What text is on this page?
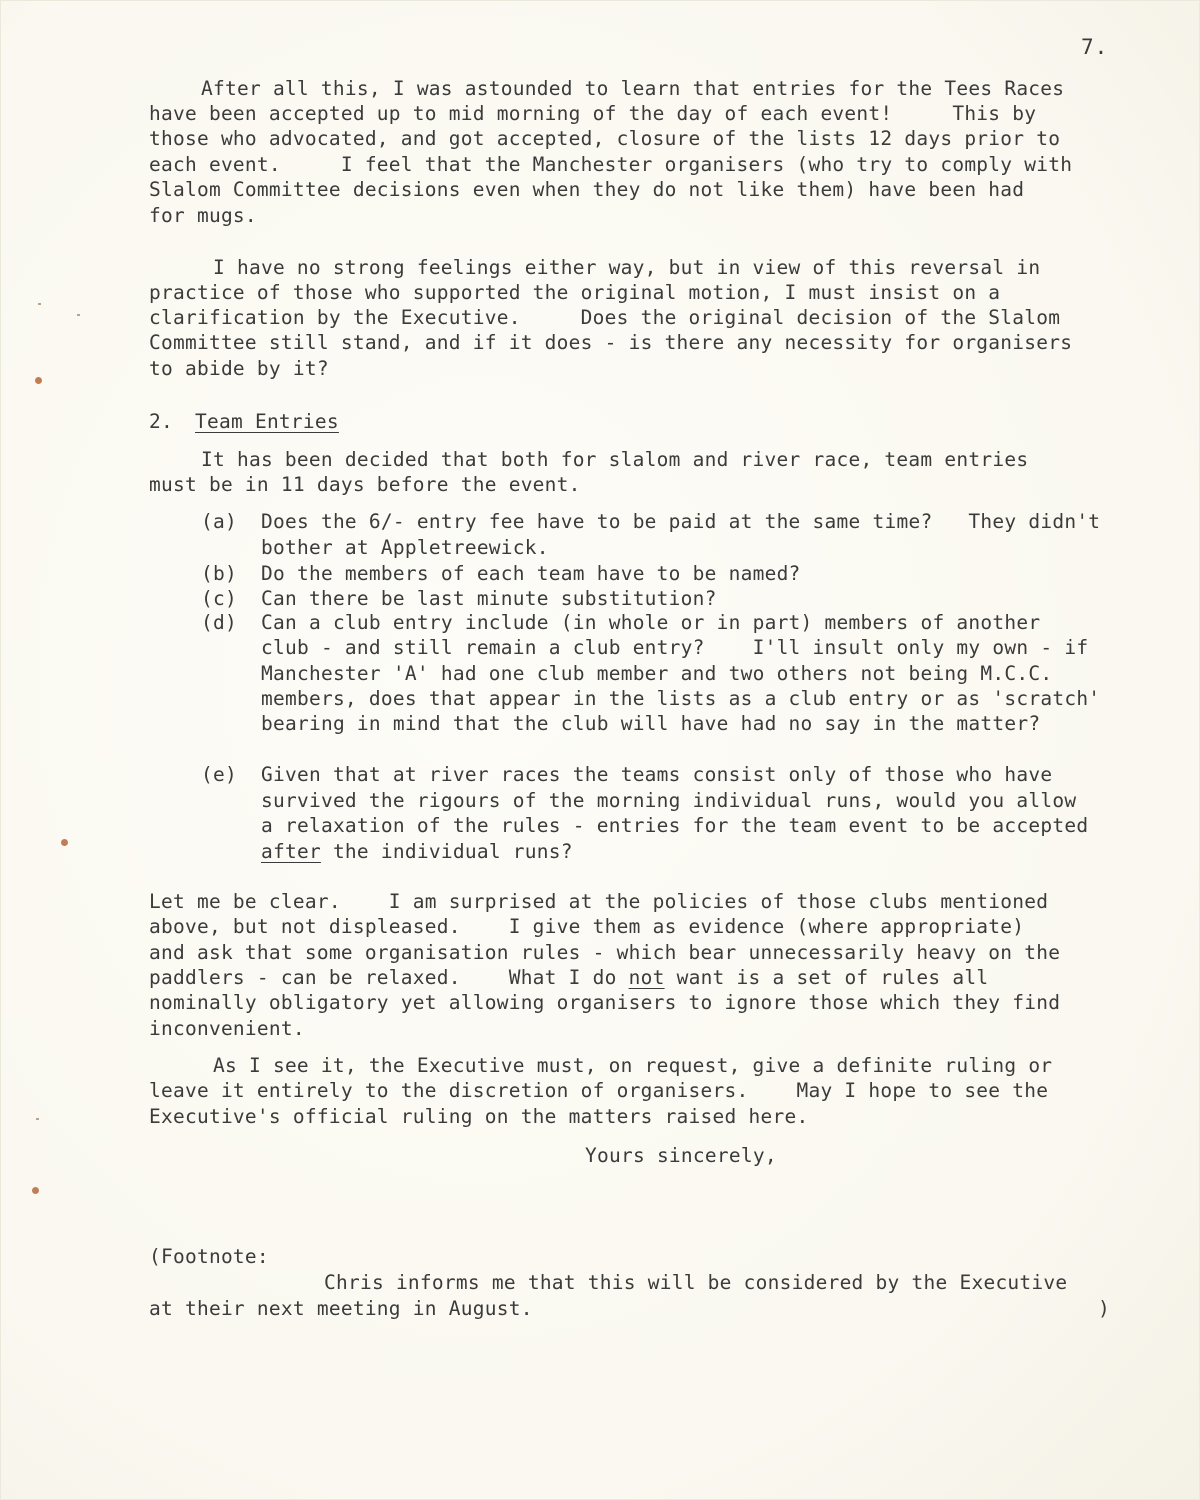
7.

After all this, I was astounded to learn that entries for the Tees Races

have been accepted up to mid morning of the day of each event!     This by

those who advocated, and got accepted, closure of the lists 12 days prior to

each event.     I feel that the Manchester organisers (who try to comply with

Slalom Committee decisions even when they do not like them) have been had

for mugs.

I have no strong feelings either way, but in view of this reversal in

practice of those who supported the original motion, I must insist on a

clarification by the Executive.     Does the original decision of the Slalom

Committee still stand, and if it does - is there any necessity for organisers

to abide by it?

2. Team Entries

It has been decided that both for slalom and river race, team entries

must be in 11 days before the event.

(a) Does the 6/- entry fee have to be paid at the same time?   They didn't
bother at Appletreewick.
(b) Do the members of each team have to be named?
(c) Can there be last minute substitution?
(d) Can a club entry include (in whole or in part) members of another
club - and still remain a club entry?    I'll insult only my own - if
Manchester 'A' had one club member and two others not being M.C.C.
members, does that appear in the lists as a club entry or as 'scratch'
bearing in mind that the club will have had no say in the matter?
(e) Given that at river races the teams consist only of those who have
survived the rigours of the morning individual runs, would you allow
a relaxation of the rules - entries for the team event to be accepted
after the individual runs?

Let me be clear.    I am surprised at the policies of those clubs mentioned

above, but not displeased.    I give them as evidence (where appropriate)

and ask that some organisation rules - which bear unnecessarily heavy on the

paddlers - can be relaxed.    What I do not want is a set of rules all

nominally obligatory yet allowing organisers to ignore those which they find

inconvenient.

As I see it, the Executive must, on request, give a definite ruling or

leave it entirely to the discretion of organisers.    May I hope to see the

Executive's official ruling on the matters raised here.

Yours sincerely,

(Footnote:

Chris informs me that this will be considered by the Executive

at their next meeting in August.	)
